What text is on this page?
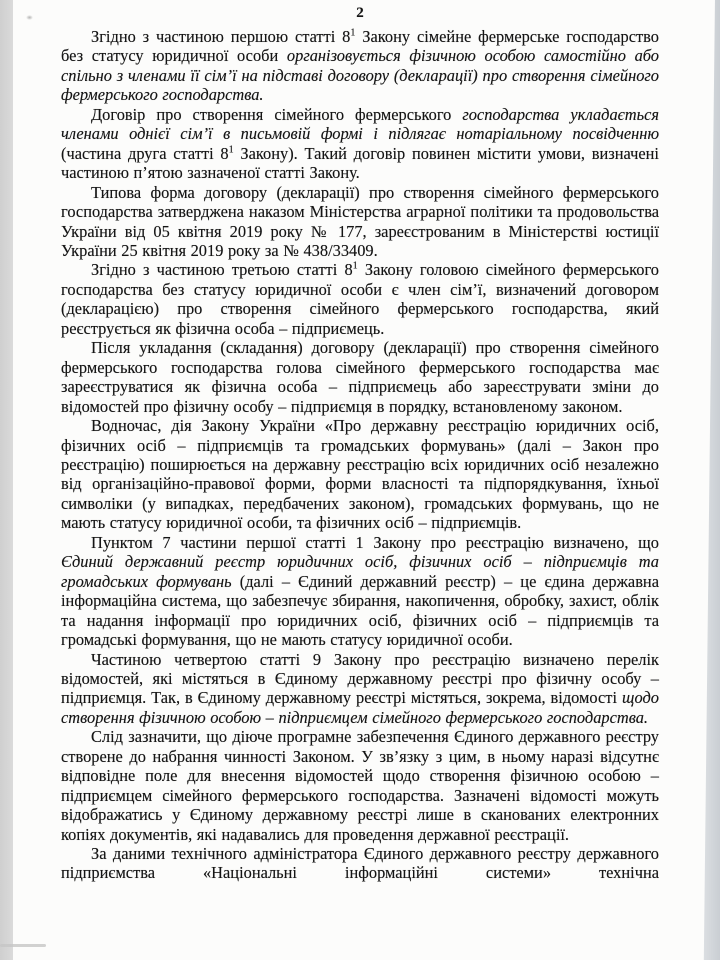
2

Згідно з частиною першою статті $8^1$ Закону сімейне фермерське господарство без статусу юридичної особи організовується фізичною особою самостійно або спільно з членами її сім’ї на підставі договору (декларації) про створення сімейного фермерського господарства.

Договір про створення сімейного фермерського господарства укладається членами однієї сім’ї в письмовій формі і підлягає нотаріальному посвідченню (частина друга статті $8^1$ Закону). Такий договір повинен містити умови, визначені частиною п’ятою зазначеної статті Закону.

Типова форма договору (декларації) про створення сімейного фермерського господарства затверджена наказом Міністерства аграрної політики та продовольства України від 05 квітня 2019 року № 177, зареєстрованим в Міністерстві юстиції України 25 квітня 2019 року за № 438/33409.

Згідно з частиною третьою статті $8^1$ Закону головою сімейного фермерського господарства без статусу юридичної особи є член сім’ї, визначений договором (декларацією) про створення сімейного фермерського господарства, який реєструється як фізична особа – підприємець.

Після укладання (складання) договору (декларації) про створення сімейного фермерського господарства голова сімейного фермерського господарства має зареєструватися як фізична особа – підприємець або зареєструвати зміни до відомостей про фізичну особу – підприємця в порядку, встановленому законом.

Водночас, дія Закону України «Про державну реєстрацію юридичних осіб, фізичних осіб – підприємців та громадських формувань» (далі – Закон про реєстрацію) поширюється на державну реєстрацію всіх юридичних осіб незалежно від організаційно-правової форми, форми власності та підпорядкування, їхньої символіки (у випадках, передбачених законом), громадських формувань, що не мають статусу юридичної особи, та фізичних осіб – підприємців.

Пунктом 7 частини першої статті 1 Закону про реєстрацію визначено, що Єдиний державний реєстр юридичних осіб, фізичних осіб – підприємців та громадських формувань (далі – Єдиний державний реєстр) – це єдина державна інформаційна система, що забезпечує збирання, накопичення, обробку, захист, облік та надання інформації про юридичних осіб, фізичних осіб – підприємців та громадські формування, що не мають статусу юридичної особи.

Частиною четвертою статті 9 Закону про реєстрацію визначено перелік відомостей, які містяться в Єдиному державному реєстрі про фізичну особу – підприємця. Так, в Єдиному державному реєстрі містяться, зокрема, відомості щодо створення фізичною особою – підприємцем сімейного фермерського господарства.

Слід зазначити, що діюче програмне забезпечення Єдиного державного реєстру створене до набрання чинності Законом. У зв’язку з цим, в ньому наразі відсутнє відповідне поле для внесення відомостей щодо створення фізичною особою – підприємцем сімейного фермерського господарства. Зазначені відомості можуть відображатись у Єдиному державному реєстрі лише в сканованих електронних копіях документів, які надавались для проведення державної реєстрації.

За даними технічного адміністратора Єдиного державного реєстру державного підприємства «Національні інформаційні системи» технічна
